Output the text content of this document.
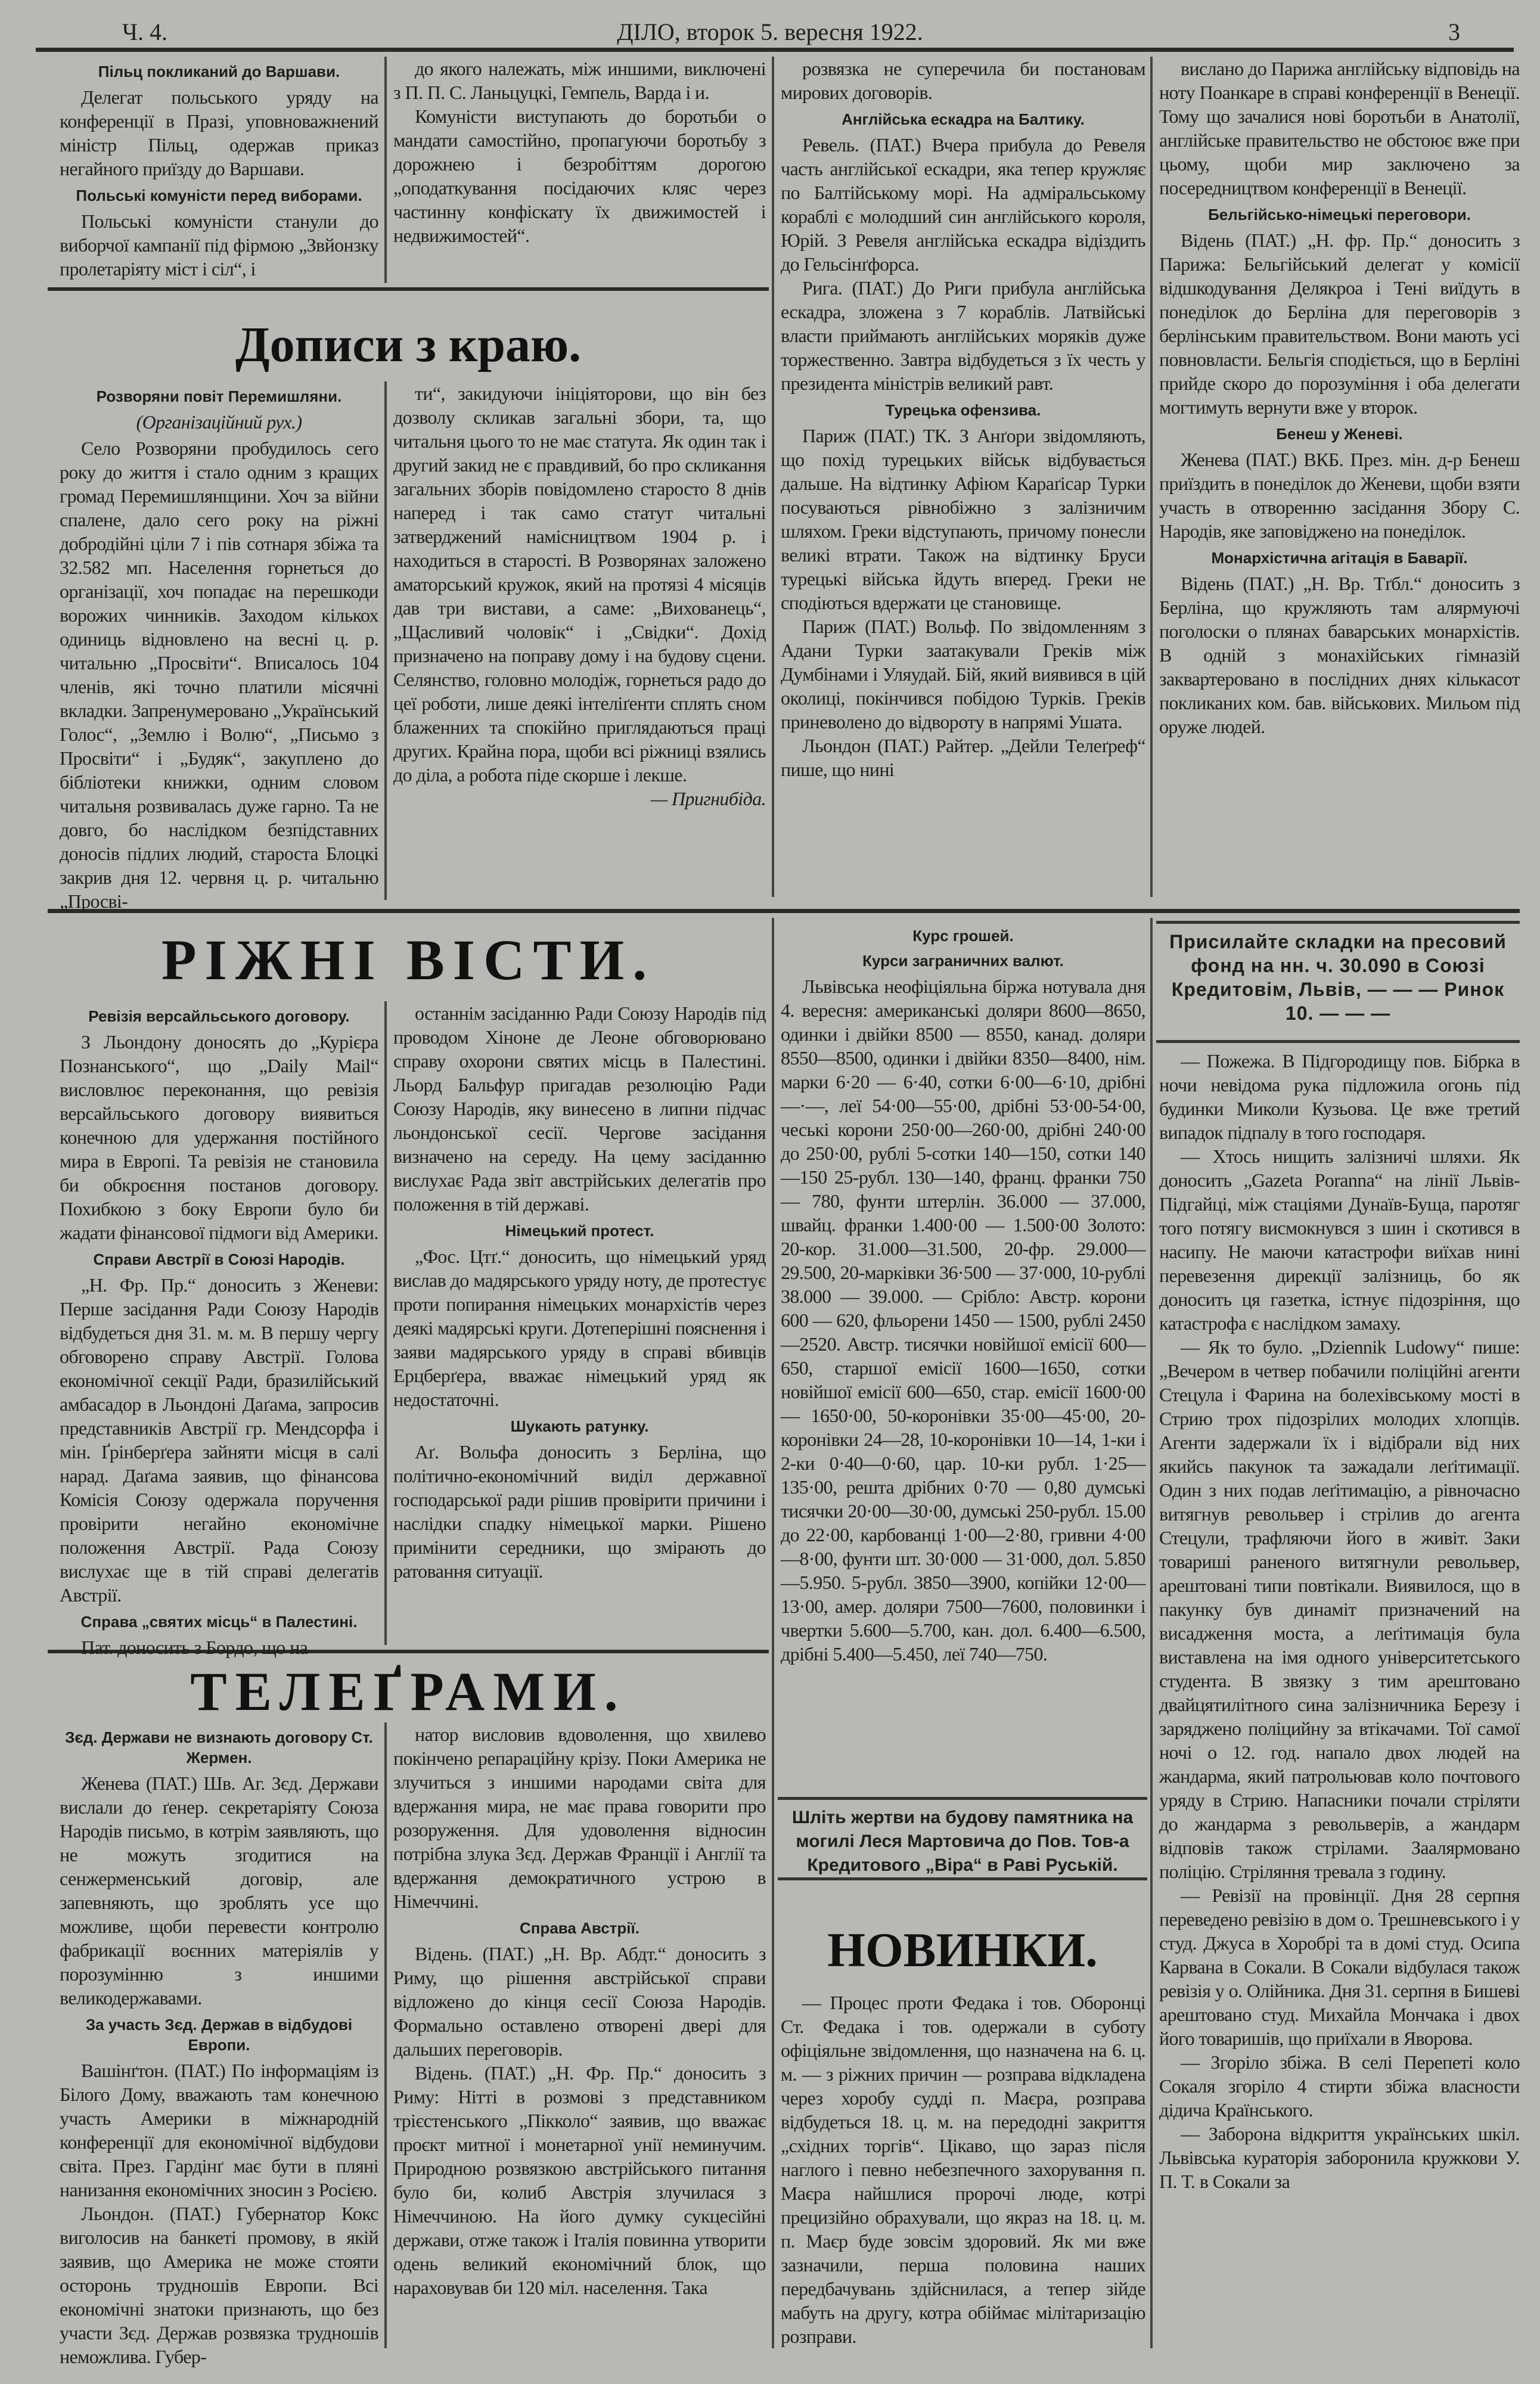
Ч. 4.	ДІЛО, второк 5. вересня 1922.	3
Дописи з краю.
РІЖНІ ВІСТИ.
ТЕЛЕҐРАМИ.
НОВИНКИ.
Шліть жертви на будову памятника на могилі Леся Мартовича до Пов. Тов-а Кредитового „Віра“ в Раві Руській.
Присилайте складки на пресовий фонд на нн. ч. 30.090 в Союзі Кредитовім, Львів, — — — Ринок 10. — — —
Пільц покликаний до Варшави.

Делегат польського уряду на конференції в Празі, уповноважнений міністр Пільц, одержав приказ негайного приїзду до Варшави.

Польські комуністи перед виборами.

Польські комуністи станули до виборчої кампанії під фірмою „Звйонзку пролетаріяту міст і сіл“, і

до якого належать, між иншими, виключені з П. П. С. Ланьцуцкі, Гемпель, Варда і и.

Комуністи виступають до боротьби о мандати самостійно, пропагуючи боротьбу з дорожнею і безробіттям дорогою „оподаткування посідаючих кляс через частинну конфіскату їх движимостей і недвижимостей“.

розвязка не суперечила би постановам мирових договорів.

Англійська ескадра на Балтику.

Ревель. (ПАТ.) Вчера прибула до Ревеля часть англійської ескадри, яка тепер кружляє по Балтійському морі. На адміральському кораблі є молодший син англійського короля, Юрій. З Ревеля англійська ескадра відіздить до Гельсінґфорса.

Рига. (ПАТ.) До Риги прибула англійська ескадра, зложена з 7 кораблів. Латвійські власти приймають англійських моряків дуже торжественно. Завтра відбудеться з їх честь у президента міністрів великий равт.

Турецька офензива.

Париж (ПАТ.) ТК. З Анґори звідомляють, що похід турецьких військ відбувається дальше. На відтинку Афіюм Караґісар Турки посуваються рівнобіжно з залізничим шляхом. Греки відступають, причому понесли великі втрати. Також на відтинку Бруси турецькі війська йдуть вперед. Греки не сподіються вдержати це становище.

Париж (ПАТ.) Вольф. По звідомленням з Адани Турки заатакували Греків між Думбінами і Уляудай. Бій, який виявився в цій околиці, покінчився побідою Турків. Греків приневолено до відвороту в напрямі Ушата.

Льондон (ПАТ.) Райтер. „Дейли Телеґреф“ пише, що нині

вислано до Парижа англійську відповідь на ноту Поанкаре в справі конференції в Венеції. Тому що зачалися нові боротьби в Анатолії, англійське правительство не обстоює вже при цьому, щоби мир заключено за посередництвом конференції в Венеції.

Бельгійсько-німецькі переговори.

Відень (ПАТ.) „Н. фр. Пр.“ доносить з Парижа: Бельгійський делегат у комісії відшкодування Делякроа і Тені виїдуть в понеділок до Берліна для переговорів з берлінським правительством. Вони мають усі повновласти. Бельгія сподіється, що в Берліні прийде скоро до порозуміння і оба делегати могтимуть вернути вже у второк.

Бенеш у Женеві.

Женева (ПАТ.) ВКБ. През. мін. д-р Бенеш приїздить в понеділок до Женеви, щоби взяти участь в отворенню засідання Збору С. Народів, яке заповіджено на понеділок.

Монархістична агітація в Баварії.

Відень (ПАТ.) „Н. Вр. Тґбл.“ доносить з Берліна, що кружляють там алярмуючі поголоски о плянах баварських монархістів. В одній з монахійських гімназій заквартеровано в послідних днях кількасот покликаних ком. бав. військових. Мильом під оруже людей.

Розворяни повіт Перемишляни.
(Організаційний рух.)

Село Розворяни пробудилось сего року до життя і стало одним з кращих громад Перемишлянщини. Хоч за війни спалене, дало сего року на ріжні добродійні ціли 7 і пів сотнаря збіжа та 32.582 мп. Населення горнеться до організації, хоч попадає на перешкоди ворожих чинників. Заходом кількох одиниць відновлено на весні ц. р. читальню „Просвіти“. Вписалось 104 членів, які точно платили місячні вкладки. Запренумеровано „Український Голос“, „Землю і Волю“, „Письмо з Просвіти“ і „Будяк“, закуплено до бібліотеки книжки, одним словом читальня розвивалась дуже гарно. Та не довго, бо наслідком безпідставних доносів підлих людий, староста Блоцкі закрив дня 12. червня ц. р. читальню „Просві-

ти“, закидуючи ініціяторови, що він без дозволу скликав загальні збори, та, що читальня цього то не має статута. Як один так і другий закид не є правдивий, бо про скликання загальних зборів повідомлено старосто 8 днів наперед і так само статут читальні затверджений намісництвом 1904 р. і находиться в старості. В Розворянах заложено аматорський кружок, який на протязі 4 місяців дав три вистави, а саме: „Вихованець“, „Щасливий чоловік“ і „Свідки“. Дохід призначено на поправу дому і на будову сцени. Селянство, головно молодіж, горнеться радо до цеї роботи, лише деякі інтеліґенти сплять сном блаженних та спокійно приглядаються праці других. Крайна пора, щоби всі ріжниці взялись до діла, а робота піде скорше і лекше.

— Пригнибіда.
Ревізія версайльського договору.

З Льондону доносять до „Курієра Познанського“, що „Daily Mail“ висловлює переконання, що ревізія версайльського договору виявиться конечною для удержання постійного мира в Европі. Та ревізія не становила би обкроєння постанов договору. Похибкою з боку Европи було би жадати фінансової підмоги від Америки.

Справи Австрії в Союзі Народів.

„Н. Фр. Пр.“ доносить з Женеви: Перше засідання Ради Союзу Народів відбудеться дня 31. м. м. В першу чергу обговорено справу Австрії. Голова економічної секції Ради, бразилійський амбасадор в Льондоні Даґама, запросив представників Австрії гр. Мендсорфа і мін. Ґрінберґера зайняти місця в салі нарад. Даґама заявив, що фінансова Комісія Союзу одержала поручення провірити негайно економічне положення Австрії. Рада Союзу вислухає ще в тій справі делегатів Австрії.

Справа „святих місць“ в Палестині.

Пат. доносить з Бордо, що на

останнім засіданню Ради Союзу Народів під проводом Хіноне де Леоне обговорювано справу охорони святих місць в Палестині. Льорд Бальфур пригадав резолюцію Ради Союзу Народів, яку винесено в липни підчас льондонської сесії. Чергове засідання визначено на середу. На цему засіданню вислухає Рада звіт австрійських делегатів про положення в тій державі.

Німецький протест.

„Фос. Цтґ.“ доносить, що німецький уряд вислав до мадярського уряду ноту, де протестує проти попирання німецьких монархістів через деякі мадярські круги. Дотеперішні пояснення і заяви мадярського уряду в справі вбивців Ерцберґера, вважає німецький уряд як недостаточні.

Шукають ратунку.

Аґ. Вольфа доносить з Берліна, що політично-економічний виділ державної господарської ради рішив провірити причини і наслідки спадку німецької марки. Рішено примінити середники, що змірають до ратовання ситуації.

Зєд. Держави не визнають договору Ст. Жермен.

Женева (ПАТ.) Шв. Аг. Зєд. Держави вислали до ґенер. секретаріяту Союза Народів письмо, в котрім заявляють, що не можуть згодитися на сенжерменський договір, але запевняють, що зроблять усе що можливе, щоби перевести контролю фабрикації воєнних матеріялів у порозумінню з иншими великодержавами.

За участь Зєд. Держав в відбудові Европи.

Вашінґтон. (ПАТ.) По інформаціям із Білого Дому, вважають там конечною участь Америки в міжнародній конференції для економічної відбудови світа. През. Гардінґ має бути в пляні нанизання економічних зносин з Росією.

Льондон. (ПАТ.) Губернатор Кокс виголосив на банкеті промову, в якій заявив, що Америка не може стояти осторонь трудношів Европи. Всі економічні знатоки признають, що без участи Зєд. Держав розвязка трудношів неможлива. Губер-

натор висловив вдоволення, що хвилево покінчено репараційну крізу. Поки Америка не злучиться з иншими народами світа для вдержання мира, не має права говорити про розоруження. Для удоволення відносин потрібна злука Зєд. Держав Франції і Англії та вдержання демократичного устрою в Німеччині.

Справа Австрії.

Відень. (ПАТ.) „Н. Вр. Абдт.“ доносить з Риму, що рішення австрійської справи відложено до кінця сесії Союза Народів. Формально оставлено отворені двері для дальших переговорів.

Відень. (ПАТ.) „Н. Фр. Пр.“ доносить з Риму: Нітті в розмові з представником трієстенського „Пікколо“ заявив, що вважає проєкт митної і монетарної унії неминучим. Природною розвязкою австрійського питання було би, колиб Австрія злучилася з Німеччиною. На його думку сукцесійні держави, отже також і Італія повинна утворити одень великий економічний блок, що нараховував би 120 міл. населення. Така

Курс грошей.
Курси заграничних валют.

Львівська неофіціяльна біржа нотувала дня 4. вересня: американські доляри 8600—8650, одинки і двійки 8500 — 8550, канад. доляри 8550—8500, одинки і двійки 8350—8400, нім. марки 6·20 — 6·40, сотки 6·00—6·10, дрібні —·—, леї 54·00—55·00, дрібні 53·00-54·00, чеські корони 250·00—260·00, дрібні 240·00 до 250·00, рублі 5-сотки 140—150, сотки 140—150 25-рубл. 130—140, франц. франки 750 — 780, фунти штерлін. 36.000 — 37.000, швайц. франки 1.400·00 — 1.500·00 Золото: 20-кор. 31.000—31.500, 20-фр. 29.000—29.500, 20-марківки 36·500 — 37·000, 10-рублі 38.000 — 39.000. — Срібло: Австр. корони 600 — 620, фльорени 1450 — 1500, рублі 2450—2520. Австр. тисячки новійшої емісії 600—650, старшої емісії 1600—1650, сотки новійшої емісії 600—650, стар. емісії 1600·00 — 1650·00, 50-коронівки 35·00—45·00, 20-коронівки 24—28, 10-коронівки 10—14, 1-ки і 2-ки 0·40—0·60, цар. 10-ки рубл. 1·25—135·00, решта дрібних 0·70 — 0,80 думські тисячки 20·00—30·00, думські 250-рубл. 15.00 до 22·00, карбованці 1·00—2·80, гривни 4·00—8·00, фунти шт. 30·000 — 31·000, дол. 5.850—5.950. 5-рубл. 3850—3900, копійки 12·00—13·00, амер. доляри 7500—7600, половинки і чвертки 5.600—5.700, кан. дол. 6.400—6.500, дрібні 5.400—5.450, леї 740—750.

— Процес проти Федака і тов. Оборонці Ст. Федака і тов. одержали в суботу офіціяльне звідомлення, що назначена на 6. ц. м. — з ріжних причин — розправа відкладена через хоробу судді п. Маєра, розправа відбудеться 18. ц. м. на передодні закриття „східних торгів“. Цікаво, що зараз після наглого і певно небезпечного захорування п. Маєра найшлися пророчі люде, котрі прецизійно обрахували, що якраз на 18. ц. м. п. Маєр буде зовсім здоровий. Як ми вже зазначили, перша половина наших передбачувань здійснилася, а тепер зійде мабуть на другу, котра обіймає мілітаризацію розправи.

— Пожежа. В Підгородищу пов. Бібрка в ночи невідома рука підложила огонь під будинки Миколи Кузьова. Це вже третий випадок підпалу в того господаря.

— Хтось нищить залізничі шляхи. Як доносить „Gazeta Poranna“ на лінії Львів-Підгайці, між стаціями Дунаїв-Буща, паротяг того потягу висмокнувся з шин і скотився в насипу. Не маючи катастрофи виїхав нині перевезення дирекції залізниць, бо як доносить ця газетка, істнує підозріння, що катастрофа є наслідком замаху.

— Як то було. „Dziennik Ludowy“ пише: „Вечером в четвер побачили поліційні агенти Стецула і Фарина на болехівському мості в Стрию трох підозрілих молодих хлопців. Агенти задержали їх і відібрали від них якийсь пакунок та зажадали леґітимації. Один з них подав леґітимацію, а рівночасно витягнув револьвер і стрілив до агента Стецули, трафляючи його в живіт. Заки товариші раненого витягнули револьвер, арештовані типи повтікали. Виявилося, що в пакунку був динаміт призначений на висадження моста, а леґітимація була виставлена на імя одного університетського студента. В звязку з тим арештовано двайцятилітного сина залізничника Березу і заряджено поліцийну за втікачами. Тої самої ночі о 12. год. напало двох людей на жандарма, який патрольював коло почтового уряду в Стрию. Напасники почали стріляти до жандарма з револьверів, а жандарм відповів також стрілами. Заалярмовано поліцію. Стріляння тревала з годину.

— Ревізії на провінції. Дня 28 серпня переведено ревізію в дом о. Трешневського і у студ. Джуса в Хоробрі та в домі студ. Осипа Карвана в Сокали. В Сокали відбулася також ревізія у о. Олійника. Дня 31. серпня в Бишеві арештовано студ. Михайла Мончака і двох його товаришів, що приїхали в Яворова.

— Згоріло збіжа. В селі Перепеті коло Сокаля згоріло 4 стирти збіжа власности дідича Країнського.

— Заборона відкриття українських шкіл. Львівська кураторія заборонила кружкови У. П. Т. в Сокали за
